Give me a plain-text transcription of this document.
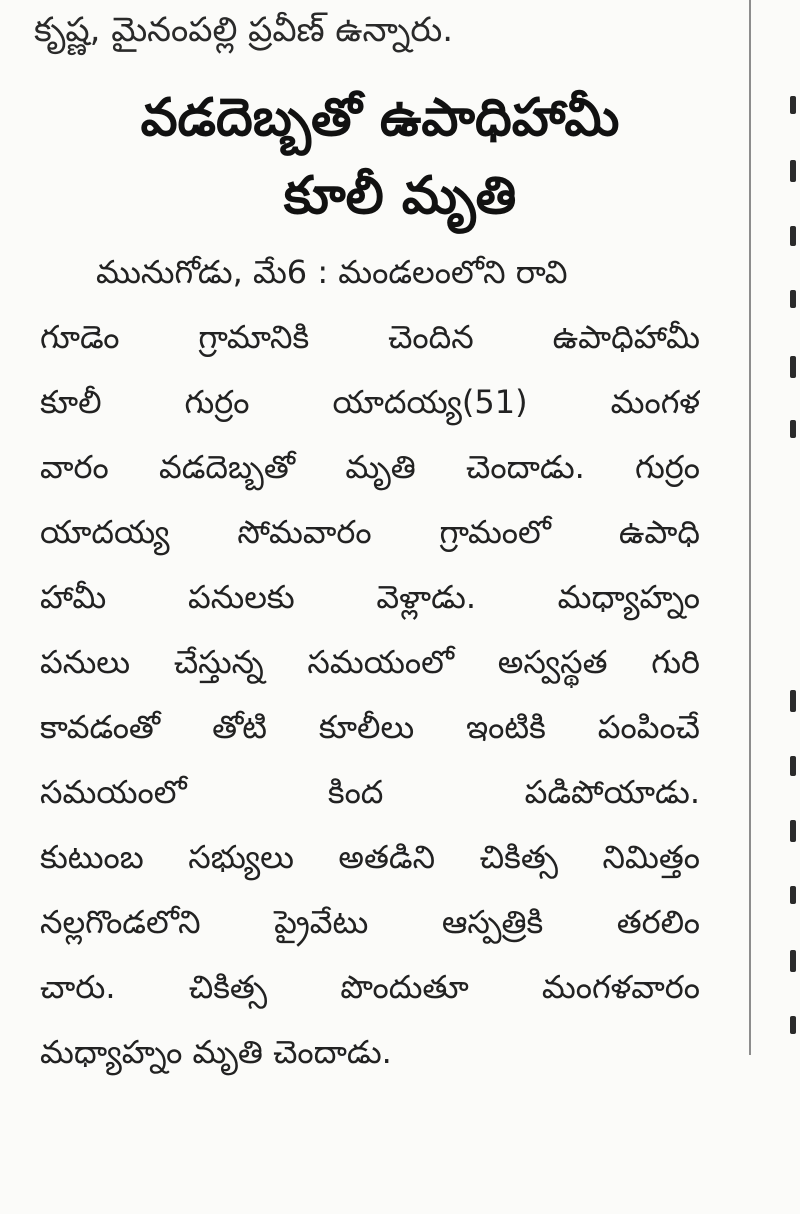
కృష్ణ, మైనంపల్లి ప్రవీణ్ ఉన్నారు.
వడదెబ్బతో ఉపాధిహామీ
కూలీ మృతి
మునుగోడు, మే6 : మండలంలోని రావి
గూడెం గ్రామానికి చెందిన ఉపాధిహామీ
కూలీ గుర్రం యాదయ్య(51) మంగళ
వారం వడదెబ్బతో మృతి చెందాడు. గుర్రం
యాదయ్య సోమవారం గ్రామంలో ఉపాధి
హామీ పనులకు వెళ్లాడు. మధ్యాహ్నం
పనులు చేస్తున్న సమయంలో అస్వస్థత గురి
కావడంతో తోటి కూలీలు ఇంటికి పంపించే
సమయంలో కింద పడిపోయాడు.
కుటుంబ సభ్యులు అతడిని చికిత్స నిమిత్తం
నల్లగొండలోని ప్రైవేటు ఆస్పత్రికి తరలిం
చారు. చికిత్స పొందుతూ మంగళవారం
మధ్యాహ్నం మృతి చెందాడు.
